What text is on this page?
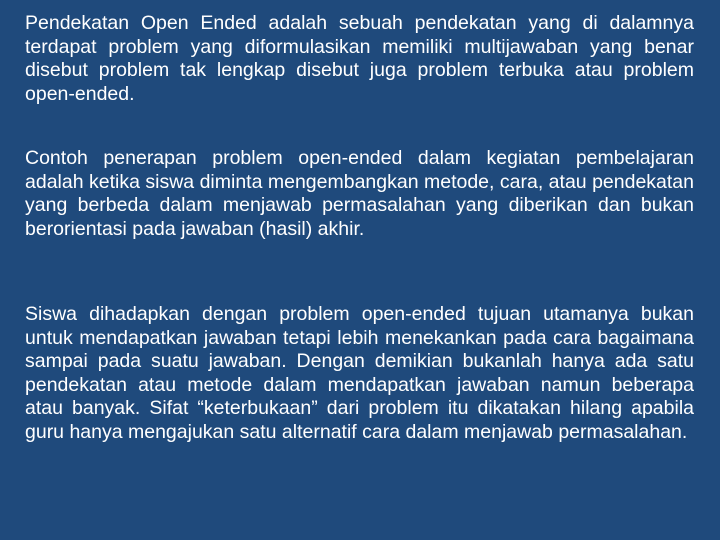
Pendekatan Open Ended adalah sebuah pendekatan yang di dalamnya terdapat problem yang diformulasikan memiliki multijawaban yang benar disebut problem tak lengkap disebut juga problem terbuka atau problem open-ended.

Contoh penerapan problem open-ended dalam kegiatan pembelajaran adalah ketika siswa diminta mengembangkan metode, cara, atau pendekatan yang berbeda dalam menjawab permasalahan yang diberikan dan bukan berorientasi pada jawaban (hasil) akhir.

Siswa dihadapkan dengan problem open-ended tujuan utamanya bukan untuk mendapatkan jawaban tetapi lebih menekankan pada cara bagaimana sampai pada suatu jawaban. Dengan demikian bukanlah hanya ada satu pendekatan atau metode dalam mendapatkan jawaban namun beberapa atau banyak. Sifat “keterbukaan” dari problem itu dikatakan hilang apabila guru hanya mengajukan satu alternatif cara dalam menjawab permasalahan.
